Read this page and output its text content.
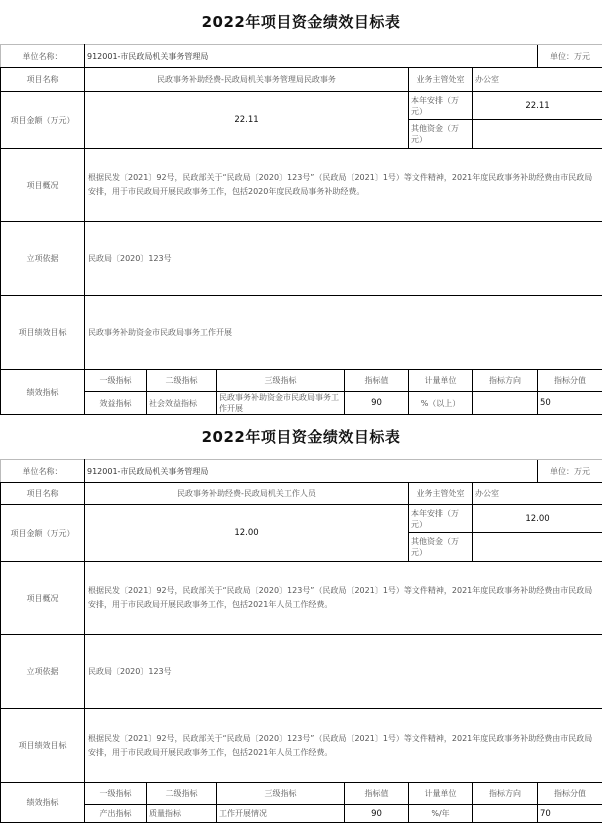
2022年项目资金绩效目标表
单位名称：	912001-市民政局机关事务管理局						单位：万元
项目名称	民政事务补助经费-民政局机关事务管理局民政事务				业务主管处室	办公室	
项目金额（万元）	22.11				本年安排（万元）	22.11	
					其他资金（万元）		
项目概况	根据民发〔2021〕92号，民政部关于“民政局〔2020〕123号”（民政局〔2021〕1号）等文件精神，2021年度民政事务补助经费由市民政局安排，用于市民政局开展民政事务工作，包括2020年度民政局事务补助经费。						
立项依据	民政局〔2020〕123号						
项目绩效目标	民政事务补助资金市民政局事务工作开展						
绩效指标	一级指标	二级指标	三级指标	指标值	计量单位	指标方向	指标分值
	效益指标	社会效益指标	民政事务补助资金市民政局事务工作开展	90	%（以上）		50
2022年项目资金绩效目标表
单位名称：	912001-市民政局机关事务管理局						单位：万元
项目名称	民政事务补助经费-民政局机关工作人员				业务主管处室	办公室	
项目金额（万元）	12.00				本年安排（万元）	12.00	
					其他资金（万元）		
项目概况	根据民发〔2021〕92号，民政部关于“民政局〔2020〕123号”（民政局〔2021〕1号）等文件精神，2021年度民政事务补助经费由市民政局安排，用于市民政局开展民政事务工作，包括2021年人员工作经费。						
立项依据	民政局〔2020〕123号						
项目绩效目标	根据民发〔2021〕92号，民政部关于“民政局〔2020〕123号”（民政局〔2021〕1号）等文件精神，2021年度民政事务补助经费由市民政局安排，用于市民政局开展民政事务工作，包括2021年人员工作经费。						
绩效指标	一级指标	二级指标	三级指标	指标值	计量单位	指标方向	指标分值
	产出指标	质量指标	工作开展情况	90	%/年		70
